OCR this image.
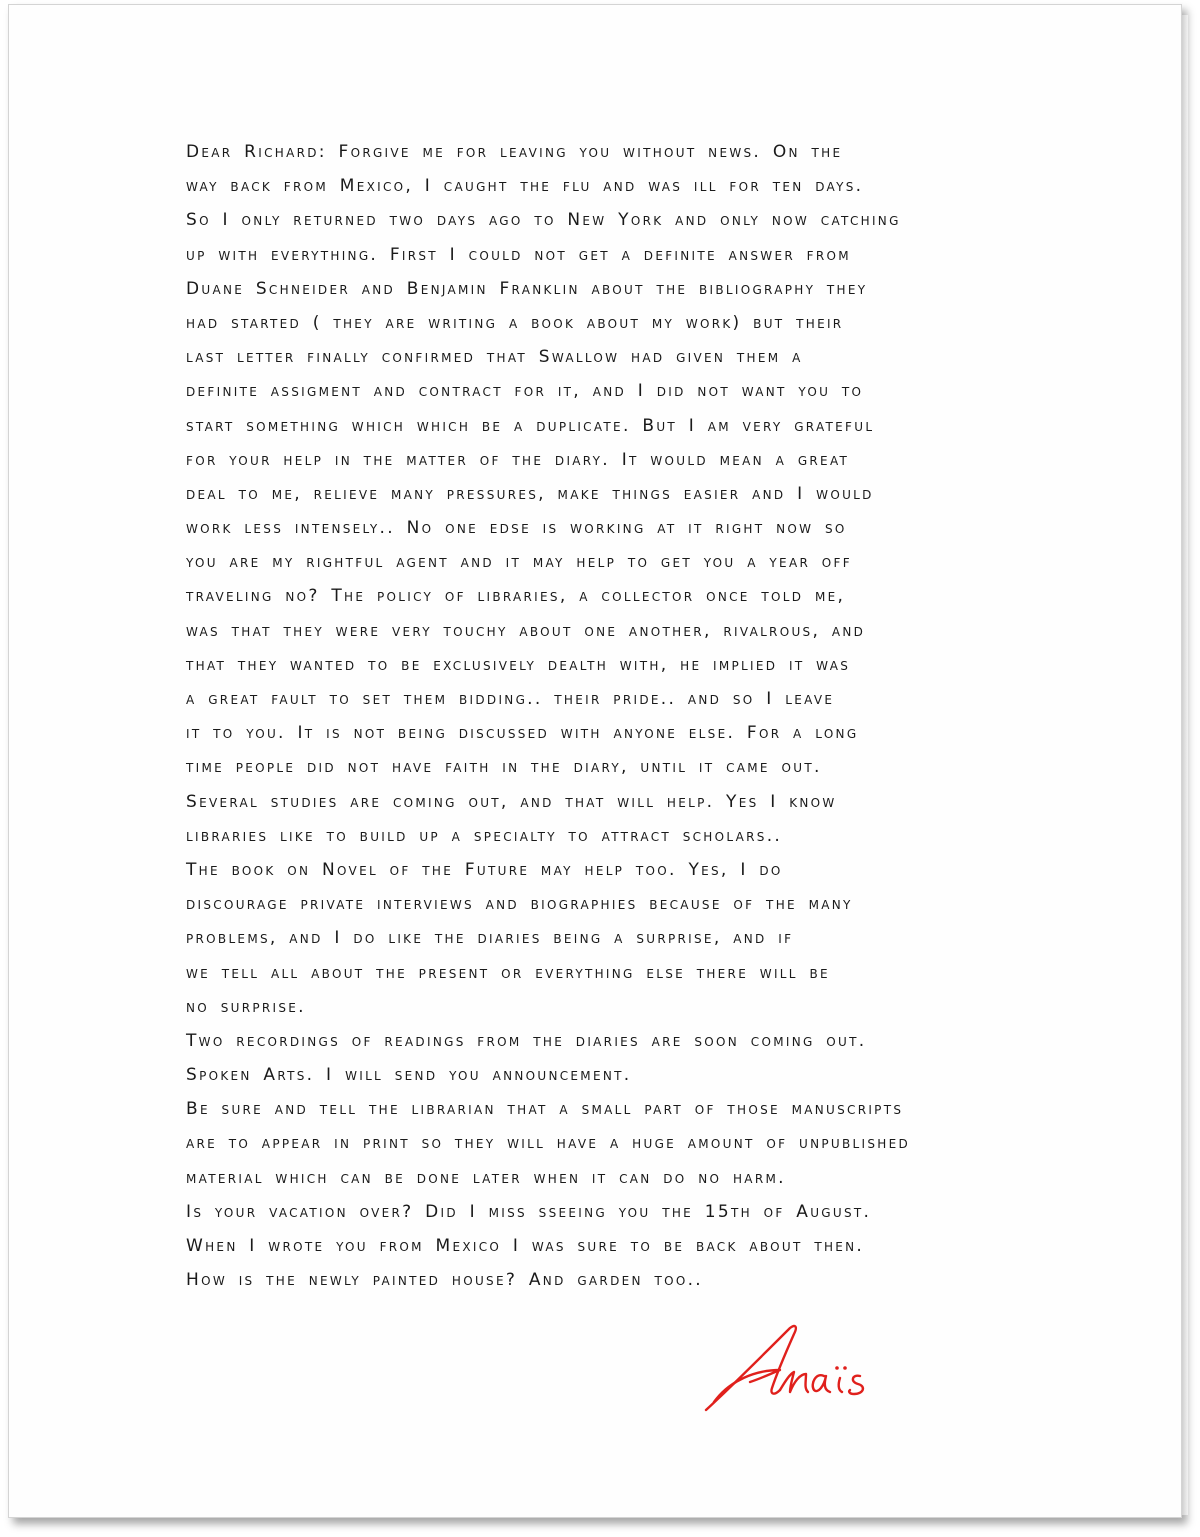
Dear Richard: Forgive me for leaving you without news. On the
way back from Mexico, I caught the flu and was ill for ten days.
So I only returned two days ago to New York and only now catching
up with everything. First I could not get a definite answer from
Duane Schneider and Benjamin Franklin about the bibliography they
had started ( they are writing a book about my work) but their
last letter finally confirmed that Swallow had given them a
definite assigment and contract for it, and I did not want you to
start something which which be a duplicate. But I am very grateful
for your help in the matter of the diary. It would mean a great
deal to me, relieve many pressures, make things easier and I would
work less intensely.. No one edse is working at it right now so
you are my rightful agent and it may help to get you a year off
traveling no? The policy of libraries, a collector once told me,
was that they were very touchy about one another, rivalrous, and
that they wanted to be exclusively dealth with, he implied it was
a great fault to set them bidding.. their pride.. and so I leave
it to you. It is not being discussed with anyone else. For a long
time people did not have faith in the diary, until it came out.
Several studies are coming out, and that will help. Yes I know
libraries like to build up a specialty to attract scholars..
The book on Novel of the Future may help too. Yes, I do
discourage private interviews and biographies because of the many
problems, and I do like the diaries being a surprise, and if
we tell all about the present or everything else there will be
no surprise.
Two recordings of readings from the diaries are soon coming out.
Spoken Arts. I will send you announcement.
Be sure and tell the librarian that a small part of those manuscripts
are to appear in print so they will have a huge amount of unpublished
material which can be done later when it can do no harm.
Is your vacation over? Did I miss sseeing you the 15th of August.
When I wrote you from Mexico I was sure to be back about then.
How is the newly painted house? And garden too..
